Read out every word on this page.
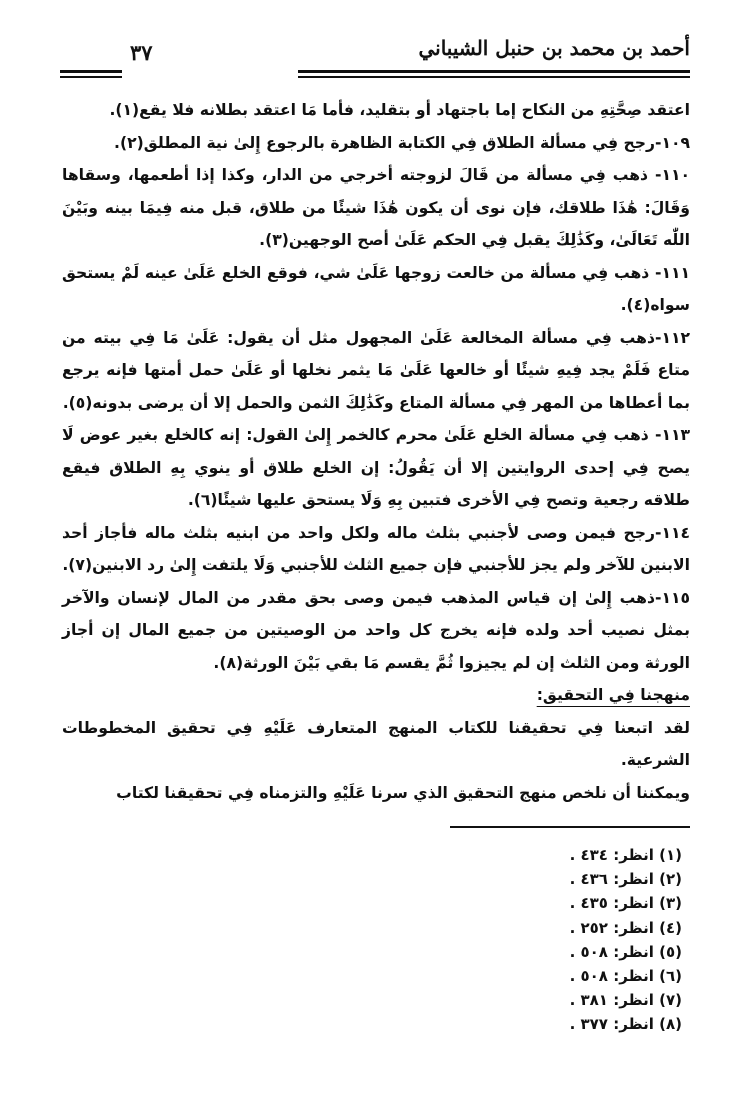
أحمد بن محمد بن حنبل الشيباني
٣٧

اعتقد صِحَّتِهِ من النكاح إما باجتهاد أو بتقليد، فأما مَا اعتقد بطلانه فلا يقع(١).

١٠٩-رجح فِي مسألة الطلاق فِي الكتابة الظاهرة بالرجوع إِلىٰ نية المطلق(٢).

١١٠- ذهب فِي مسألة من قَالَ لزوجته أخرجي من الدار، وكذا إذا أطعمها، وسقاها وَقَالَ: هَٰذَا طلاقك، فإن نوى أن يكون هَٰذَا شيئًا من طلاق، قبل منه فِيمَا بينه وبَيْنَ اللّٰه تَعَالَىٰ، وكَذَٰلِكَ يقبل فِي الحكم عَلَىٰ أصح الوجهين(٣).

١١١- ذهب فِي مسألة من خالعت زوجها عَلَىٰ شي، فوقع الخلع عَلَىٰ عينه لَمْ يستحق سواه(٤).

١١٢-ذهب فِي مسألة المخالعة عَلَىٰ المجهول مثل أن يقول: عَلَىٰ مَا فِي بيته من متاع فَلَمْ يجد فِيهِ شيئًا أو خالعها عَلَىٰ مَا يثمر نخلها أو عَلَىٰ حمل أمتها فإنه يرجع بما أعطاها من المهر فِي مسألة المتاع وكَذَٰلِكَ الثمن والحمل إلا أن يرضى بدونه(٥).

١١٣- ذهب فِي مسألة الخلع عَلَىٰ محرم كالخمر إِلىٰ القول: إنه كالخلع بغير عوض لَا يصح فِي إحدى الروايتين إلا أن يَقُولُ: إن الخلع طلاق أو ينوي بِهِ الطلاق فيقع طلاقه رجعية وتصح فِي الأخرى فتبين بِهِ وَلَا يستحق عليها شيئًا(٦).

١١٤-رجح فيمن وصى لأجنبي بثلث ماله ولكل واحد من ابنيه بثلث ماله فأجاز أحد الابنين للآخر ولم يجز للأجنبي فإن جميع الثلث للأجنبي وَلَا يلتفت إِلىٰ رد الابنين(٧).

١١٥-ذهب إِلىٰ إن قياس المذهب فيمن وصى بحق مقدر من المال لإنسان والآخر بمثل نصيب أحد ولده فإنه يخرج كل واحد من الوصيتين من جميع المال إن أجاز الورثة ومن الثلث إن لم يجيزوا ثُمَّ يقسم مَا بقي بَيْنَ الورثة(٨).

منهجنا فِي التحقيق:

لقد اتبعنا فِي تحقيقنا للكتاب المنهج المتعارف عَلَيْهِ فِي تحقيق المخطوطات الشرعية.

ويمكننا أن نلخص منهج التحقيق الذي سرنا عَلَيْهِ والتزمناه فِي تحقيقنا لكتاب

(١) انظر: ٤٣٤ .
(٢) انظر: ٤٣٦ .
(٣) انظر: ٤٣٥ .
(٤) انظر: ٢٥٢ .
(٥) انظر: ٥٠٨ .
(٦) انظر: ٥٠٨ .
(٧) انظر: ٣٨١ .
(٨) انظر: ٣٧٧ .
